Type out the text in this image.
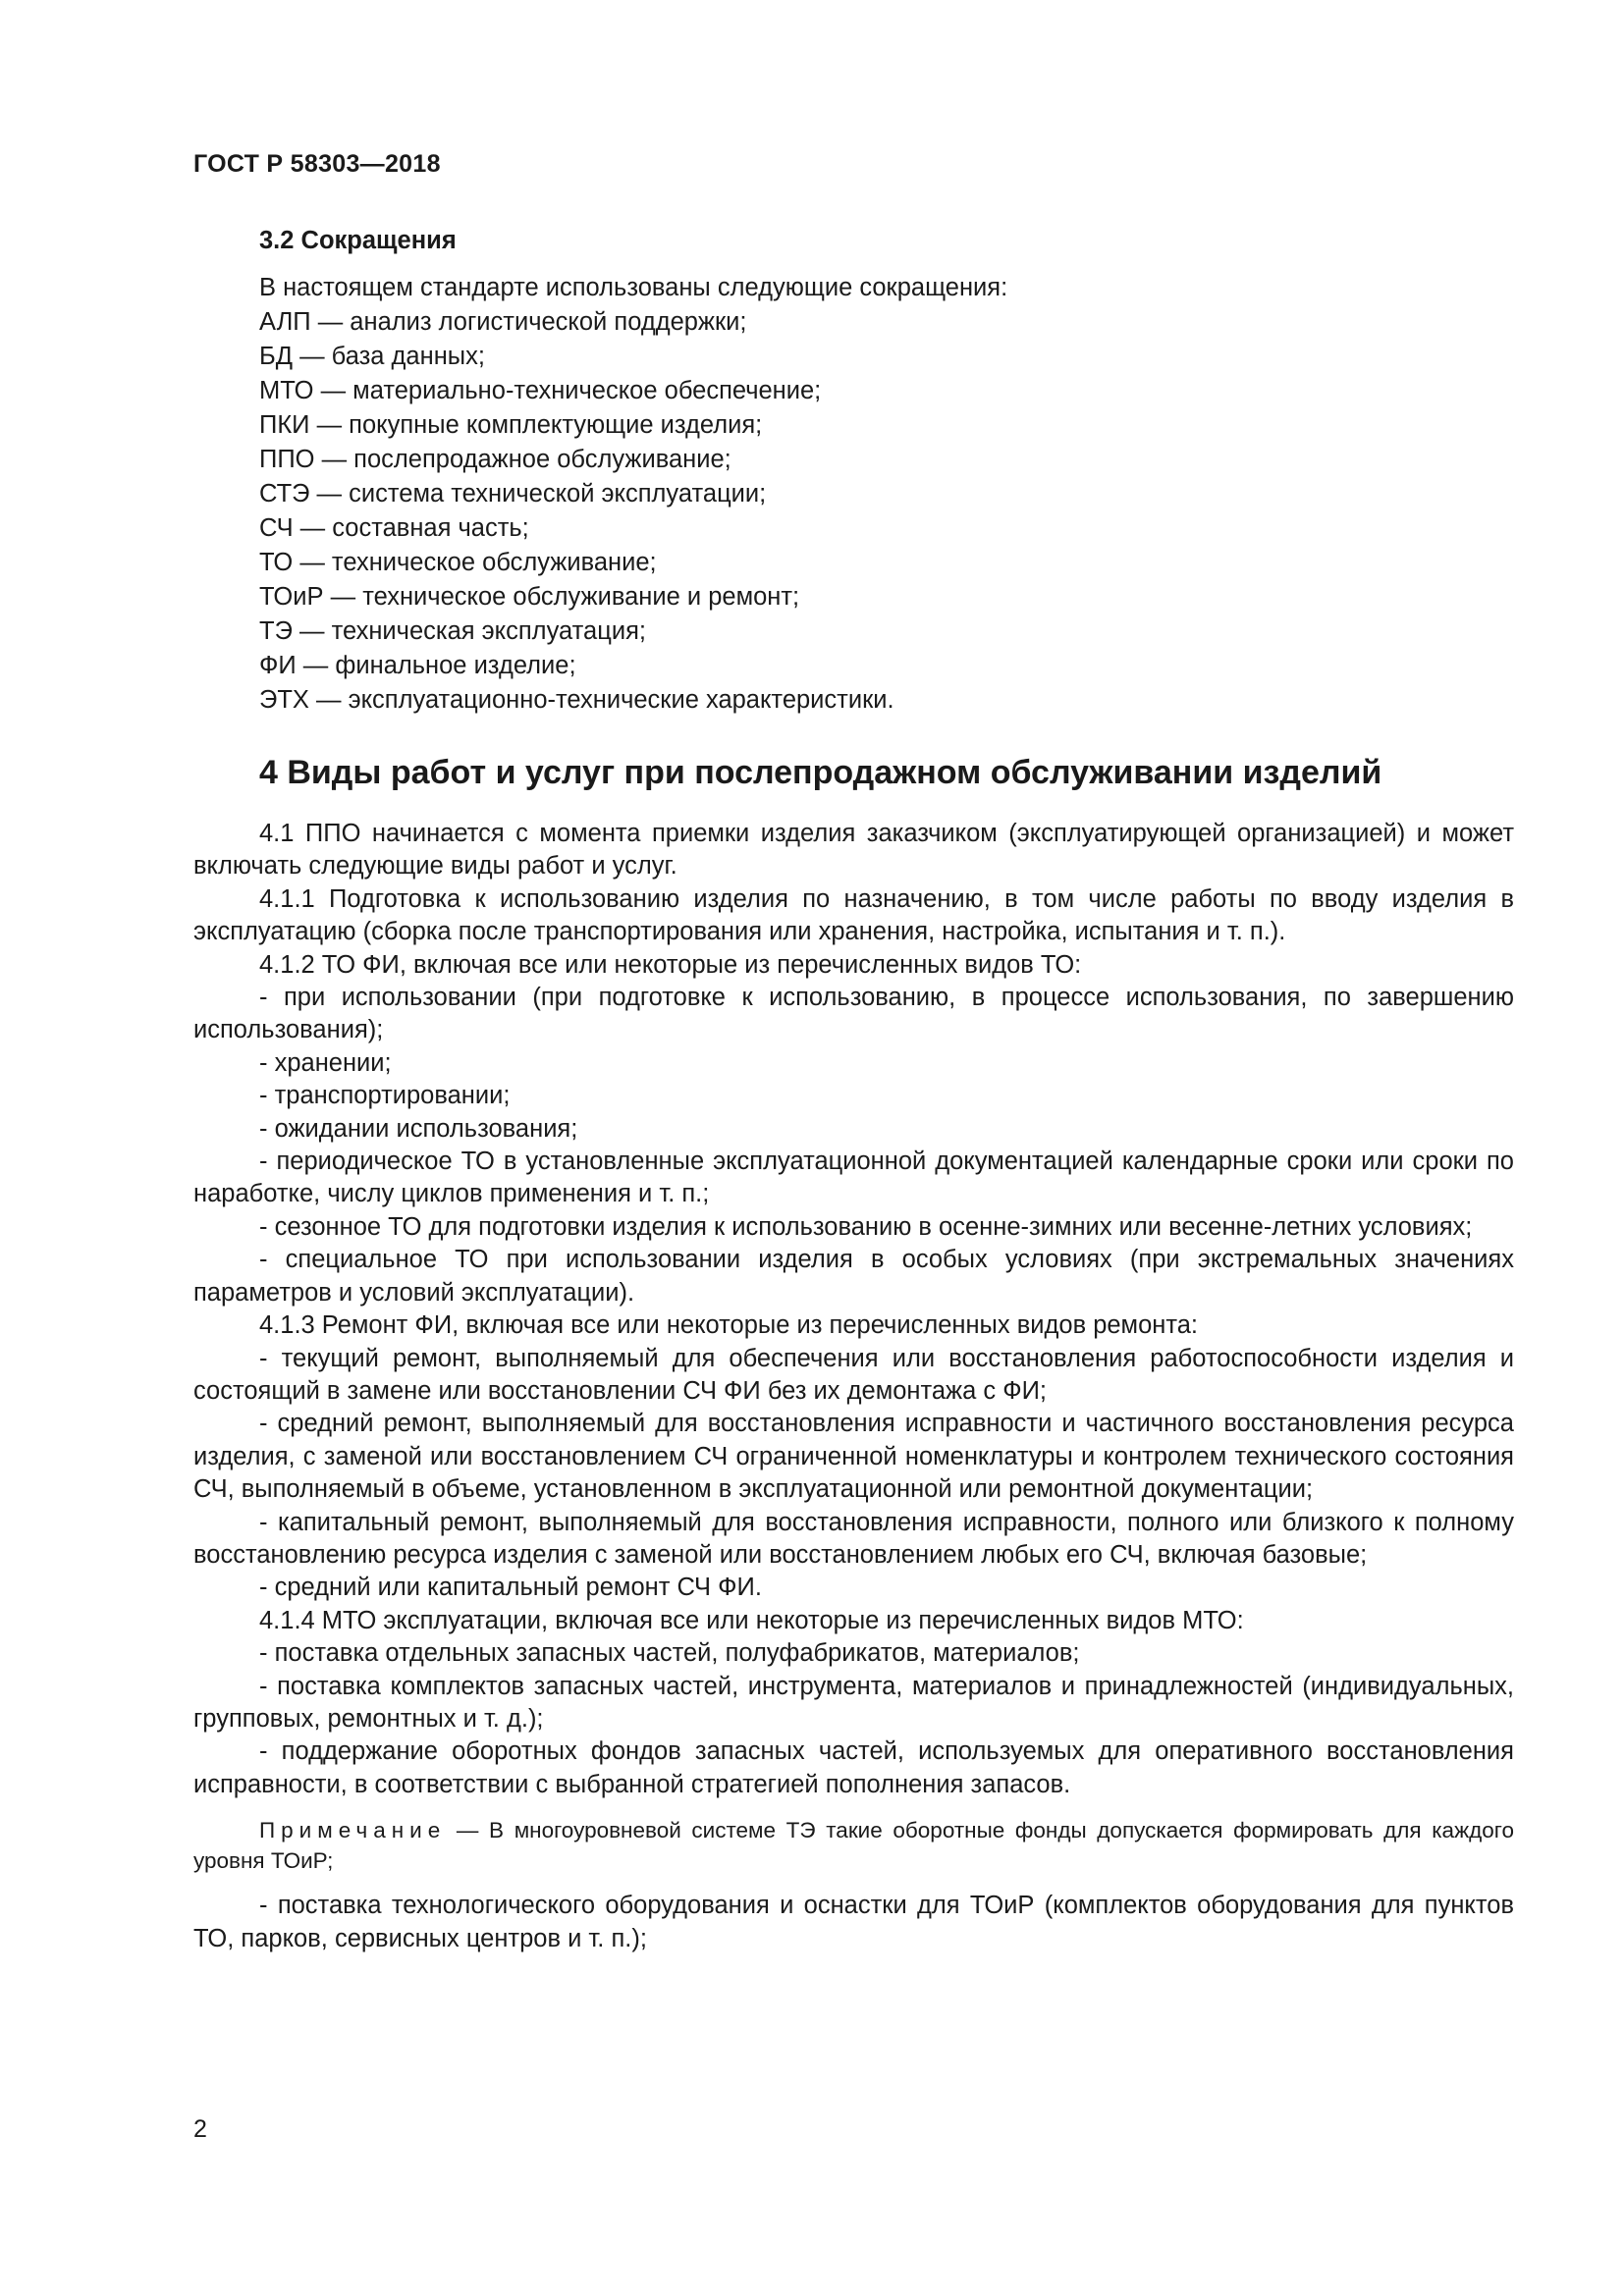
ГОСТ Р 58303—2018
3.2 Сокращения
В настоящем стандарте использованы следующие сокращения:
АЛП — анализ логистической поддержки;
БД — база данных;
МТО — материально-техническое обеспечение;
ПКИ — покупные комплектующие изделия;
ППО — послепродажное обслуживание;
СТЭ — система технической эксплуатации;
СЧ — составная часть;
ТО — техническое обслуживание;
ТОиР — техническое обслуживание и ремонт;
ТЭ — техническая эксплуатация;
ФИ — финальное изделие;
ЭТХ — эксплуатационно-технические характеристики.
4 Виды работ и услуг при послепродажном обслуживании изделий

4.1 ППО начинается с момента приемки изделия заказчиком (эксплуатирующей организацией) и может включать следующие виды работ и услуг.

4.1.1 Подготовка к использованию изделия по назначению, в том числе работы по вводу изделия в эксплуатацию (сборка после транспортирования или хранения, настройка, испытания и т. п.).

4.1.2 ТО ФИ, включая все или некоторые из перечисленных видов ТО:

- при использовании (при подготовке к использованию, в процессе использования, по завершению использования);

- хранении;

- транспортировании;

- ожидании использования;

- периодическое ТО в установленные эксплуатационной документацией календарные сроки или сроки по наработке, числу циклов применения и т. п.;

- сезонное ТО для подготовки изделия к использованию в осенне-зимних или весенне-летних условиях;

- специальное ТО при использовании изделия в особых условиях (при экстремальных значениях параметров и условий эксплуатации).

4.1.3 Ремонт ФИ, включая все или некоторые из перечисленных видов ремонта:

- текущий ремонт, выполняемый для обеспечения или восстановления работоспособности изделия и состоящий в замене или восстановлении СЧ ФИ без их демонтажа с ФИ;

- средний ремонт, выполняемый для восстановления исправности и частичного восстановления ресурса изделия, с заменой или восстановлением СЧ ограниченной номенклатуры и контролем технического состояния СЧ, выполняемый в объеме, установленном в эксплуатационной или ремонтной документации;

- капитальный ремонт, выполняемый для восстановления исправности, полного или близкого к полному восстановлению ресурса изделия с заменой или восстановлением любых его СЧ, включая базовые;

- средний или капитальный ремонт СЧ ФИ.

4.1.4 МТО эксплуатации, включая все или некоторые из перечисленных видов МТО:

- поставка отдельных запасных частей, полуфабрикатов, материалов;

- поставка комплектов запасных частей, инструмента, материалов и принадлежностей (индивидуальных, групповых, ремонтных и т. д.);

- поддержание оборотных фондов запасных частей, используемых для оперативного восстановления исправности, в соответствии с выбранной стратегией пополнения запасов.

Примечание — В многоуровневой системе ТЭ такие оборотные фонды допускается формировать для каждого уровня ТОиР;

- поставка технологического оборудования и оснастки для ТОиР (комплектов оборудования для пунктов ТО, парков, сервисных центров и т. п.);

2
